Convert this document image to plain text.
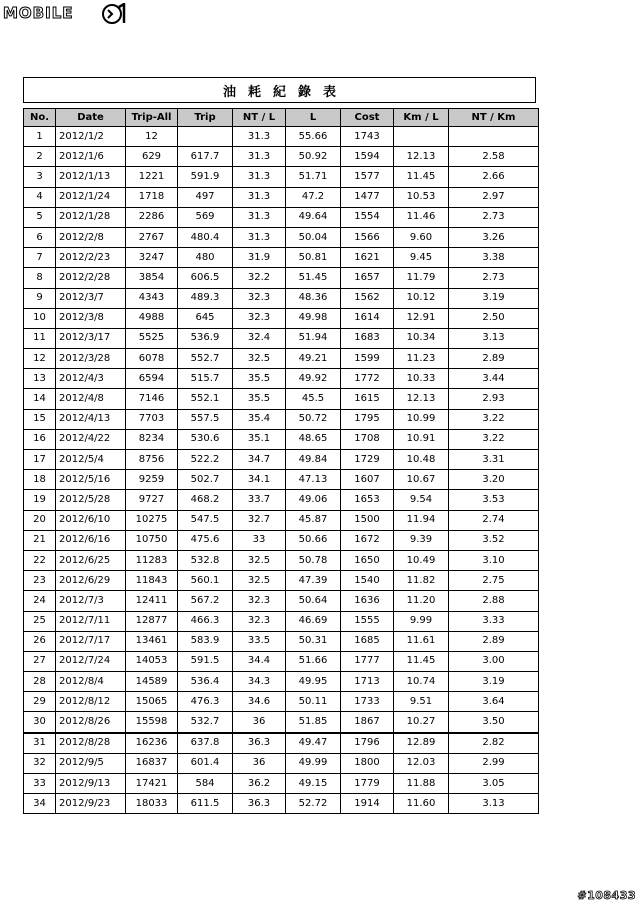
MOBILE
油耗紀錄表
No.	Date	Trip-All	Trip	NT / L	L	Cost	Km / L	NT / Km
1	2012/1/2	12		31.3	55.66	1743		
2	2012/1/6	629	617.7	31.3	50.92	1594	12.13	2.58
3	2012/1/13	1221	591.9	31.3	51.71	1577	11.45	2.66
4	2012/1/24	1718	497	31.3	47.2	1477	10.53	2.97
5	2012/1/28	2286	569	31.3	49.64	1554	11.46	2.73
6	2012/2/8	2767	480.4	31.3	50.04	1566	9.60	3.26
7	2012/2/23	3247	480	31.9	50.81	1621	9.45	3.38
8	2012/2/28	3854	606.5	32.2	51.45	1657	11.79	2.73
9	2012/3/7	4343	489.3	32.3	48.36	1562	10.12	3.19
10	2012/3/8	4988	645	32.3	49.98	1614	12.91	2.50
11	2012/3/17	5525	536.9	32.4	51.94	1683	10.34	3.13
12	2012/3/28	6078	552.7	32.5	49.21	1599	11.23	2.89
13	2012/4/3	6594	515.7	35.5	49.92	1772	10.33	3.44
14	2012/4/8	7146	552.1	35.5	45.5	1615	12.13	2.93
15	2012/4/13	7703	557.5	35.4	50.72	1795	10.99	3.22
16	2012/4/22	8234	530.6	35.1	48.65	1708	10.91	3.22
17	2012/5/4	8756	522.2	34.7	49.84	1729	10.48	3.31
18	2012/5/16	9259	502.7	34.1	47.13	1607	10.67	3.20
19	2012/5/28	9727	468.2	33.7	49.06	1653	9.54	3.53
20	2012/6/10	10275	547.5	32.7	45.87	1500	11.94	2.74
21	2012/6/16	10750	475.6	33	50.66	1672	9.39	3.52
22	2012/6/25	11283	532.8	32.5	50.78	1650	10.49	3.10
23	2012/6/29	11843	560.1	32.5	47.39	1540	11.82	2.75
24	2012/7/3	12411	567.2	32.3	50.64	1636	11.20	2.88
25	2012/7/11	12877	466.3	32.3	46.69	1555	9.99	3.33
26	2012/7/17	13461	583.9	33.5	50.31	1685	11.61	2.89
27	2012/7/24	14053	591.5	34.4	51.66	1777	11.45	3.00
28	2012/8/4	14589	536.4	34.3	49.95	1713	10.74	3.19
29	2012/8/12	15065	476.3	34.6	50.11	1733	9.51	3.64
30	2012/8/26	15598	532.7	36	51.85	1867	10.27	3.50
31	2012/8/28	16236	637.8	36.3	49.47	1796	12.89	2.82
32	2012/9/5	16837	601.4	36	49.99	1800	12.03	2.99
33	2012/9/13	17421	584	36.2	49.15	1779	11.88	3.05
34	2012/9/23	18033	611.5	36.3	52.72	1914	11.60	3.13
#108433
